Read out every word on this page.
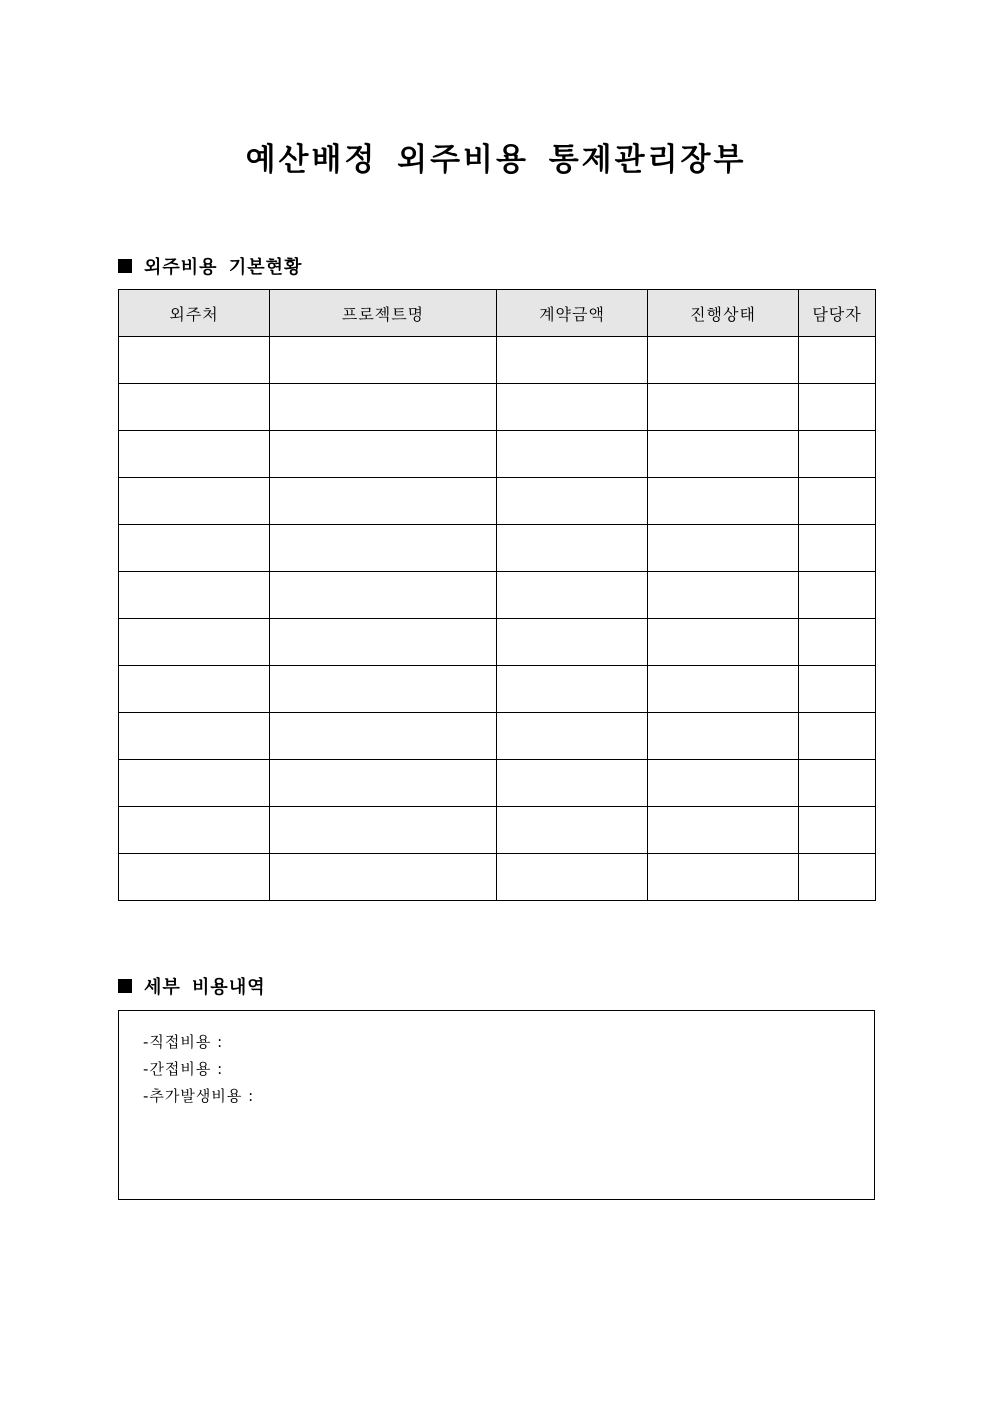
예산배정 외주비용 통제관리장부
외주비용 기본현황
외주처	프로젝트명	계약금액	진행상태	담당자

세부 비용내역
-직접비용 :
-간접비용 :
-추가발생비용 :
